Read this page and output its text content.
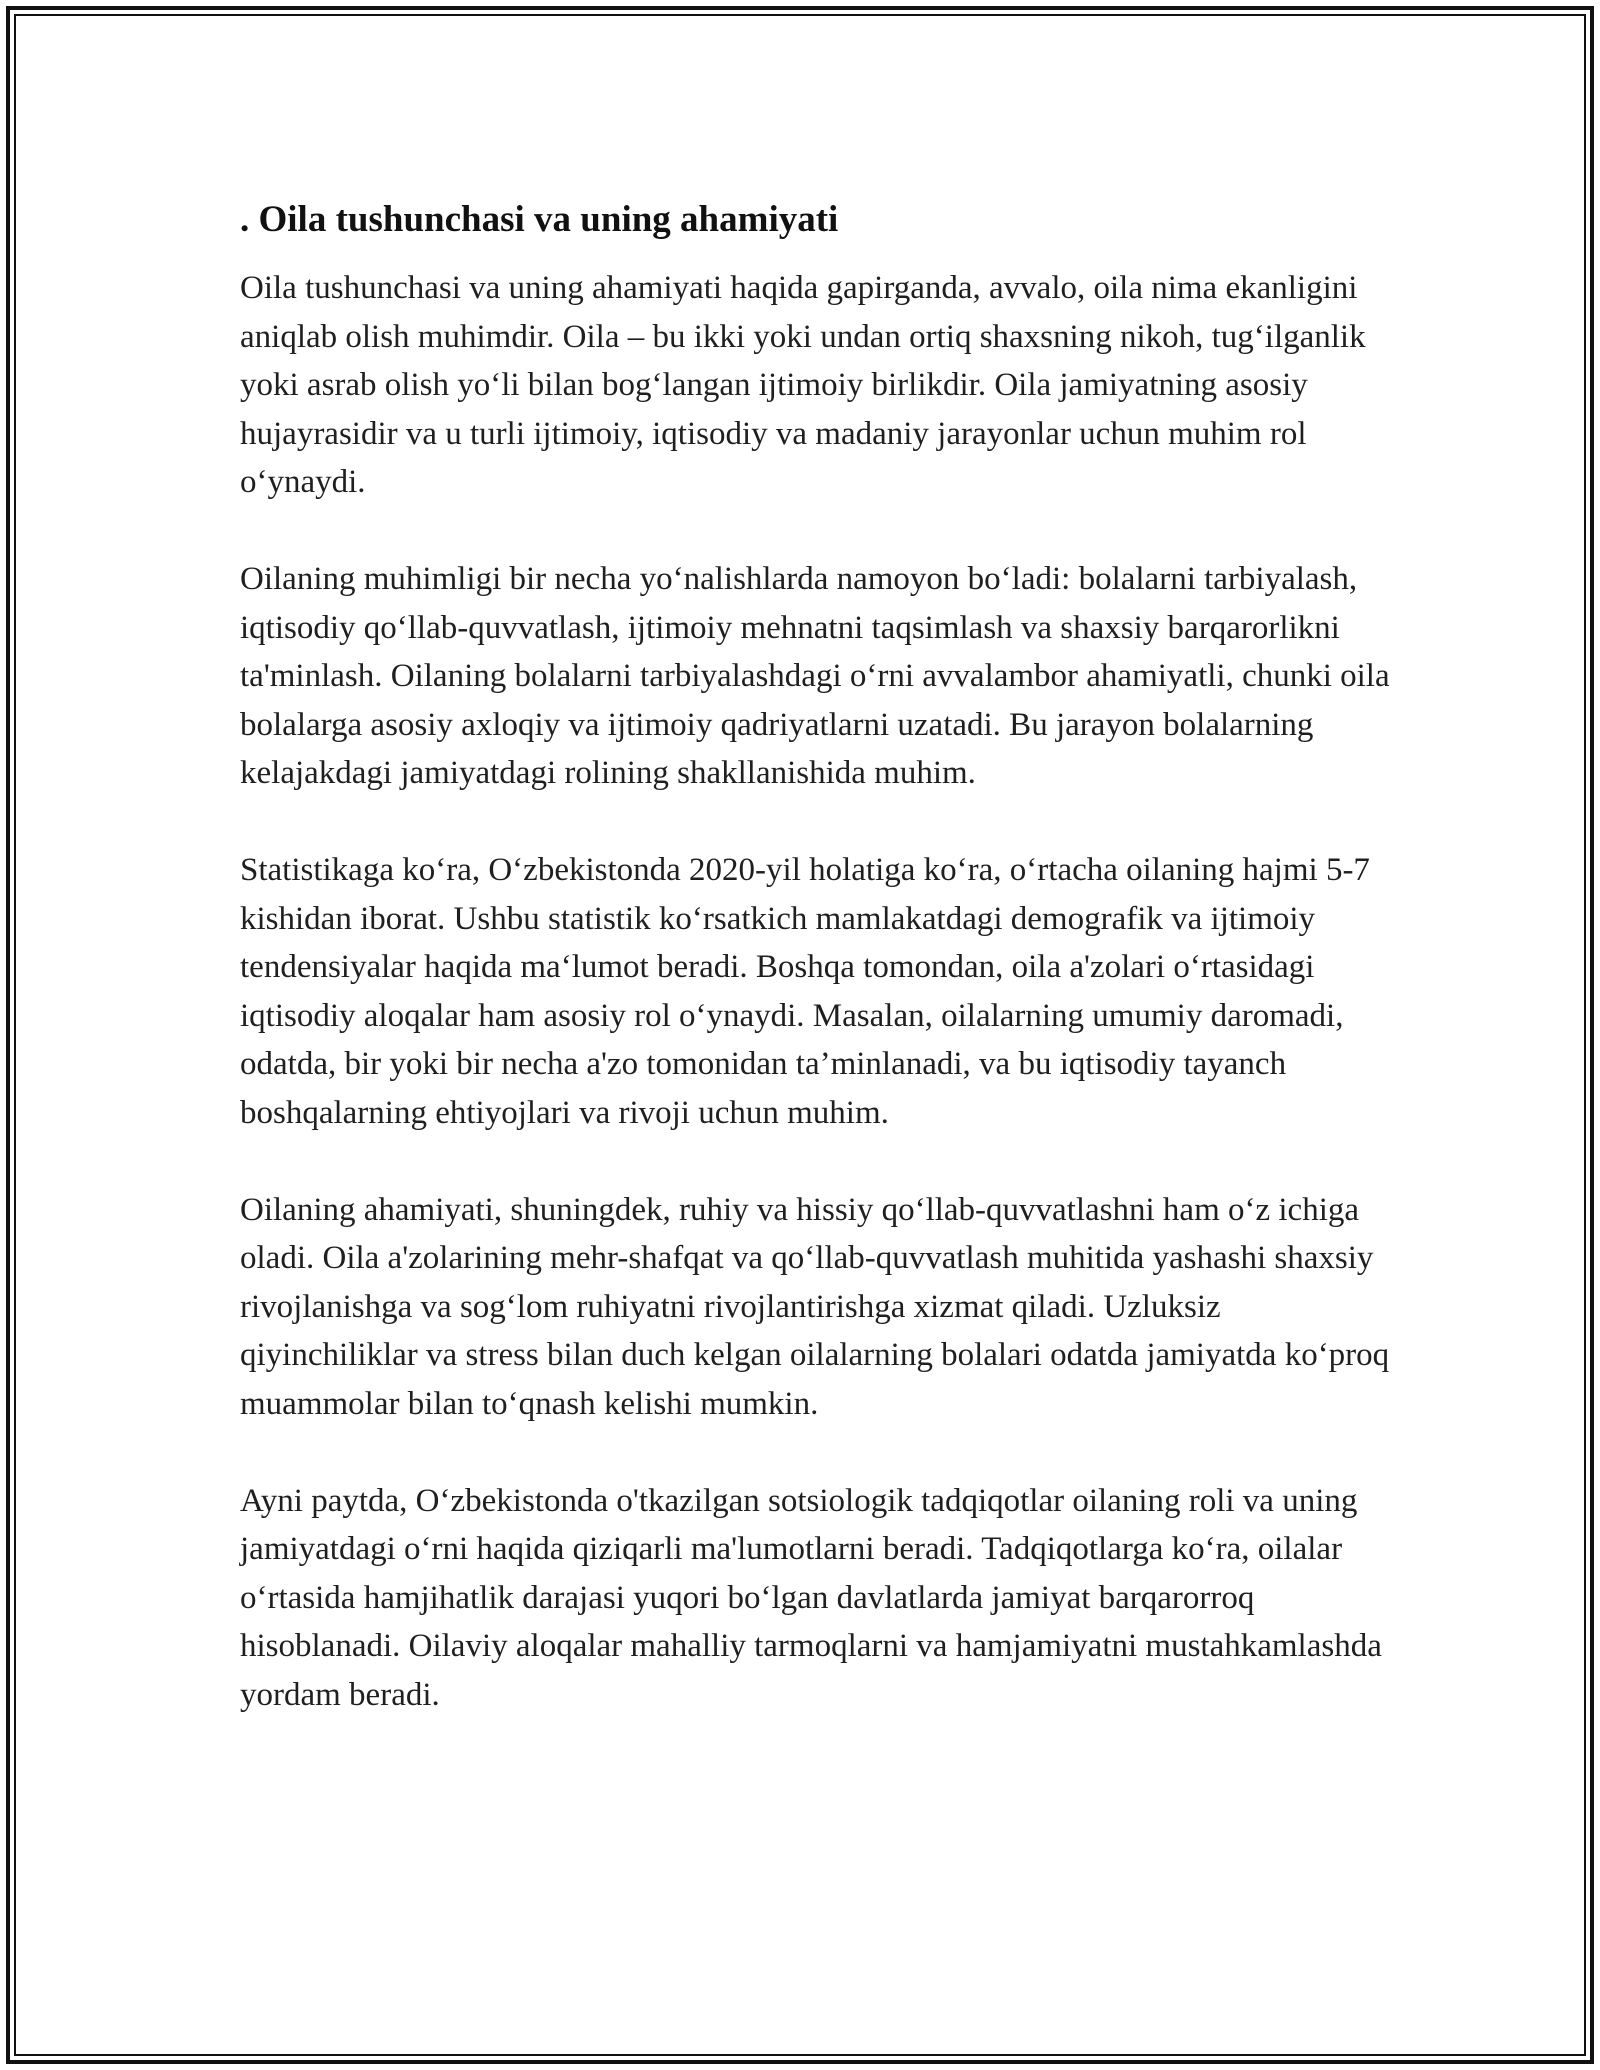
. Oila tushunchasi va uning ahamiyati

Oila tushunchasi va uning ahamiyati haqida gapirganda, avvalo, oila nima ekanligini aniqlab olish muhimdir. Oila – bu ikki yoki undan ortiq shaxsning nikoh, tug‘ilganlik yoki asrab olish yo‘li bilan bog‘langan ijtimoiy birlikdir. Oila jamiyatning asosiy hujayrasidir va u turli ijtimoiy, iqtisodiy va madaniy jarayonlar uchun muhim rol o‘ynaydi.

Oilaning muhimligi bir necha yo‘nalishlarda namoyon bo‘ladi: bolalarni tarbiyalash, iqtisodiy qo‘llab-quvvatlash, ijtimoiy mehnatni taqsimlash va shaxsiy barqarorlikni ta'minlash. Oilaning bolalarni tarbiyalashdagi o‘rni avvalambor ahamiyatli, chunki oila bolalarga asosiy axloqiy va ijtimoiy qadriyatlarni uzatadi. Bu jarayon bolalarning kelajakdagi jamiyatdagi rolining shakllanishida muhim.

Statistikaga ko‘ra, O‘zbekistonda 2020-yil holatiga ko‘ra, o‘rtacha oilaning hajmi 5-7 kishidan iborat. Ushbu statistik ko‘rsatkich mamlakatdagi demografik va ijtimoiy tendensiyalar haqida ma‘lumot beradi. Boshqa tomondan, oila a'zolari o‘rtasidagi iqtisodiy aloqalar ham asosiy rol o‘ynaydi. Masalan, oilalarning umumiy daromadi, odatda, bir yoki bir necha a'zo tomonidan ta’minlanadi, va bu iqtisodiy tayanch boshqalarning ehtiyojlari va rivoji uchun muhim.

Oilaning ahamiyati, shuningdek, ruhiy va hissiy qo‘llab-quvvatlashni ham o‘z ichiga oladi. Oila a'zolarining mehr-shafqat va qo‘llab-quvvatlash muhitida yashashi shaxsiy rivojlanishga va sog‘lom ruhiyatni rivojlantirishga xizmat qiladi. Uzluksiz qiyinchiliklar va stress bilan duch kelgan oilalarning bolalari odatda jamiyatda ko‘proq muammolar bilan to‘qnash kelishi mumkin.

Ayni paytda, O‘zbekistonda o'tkazilgan sotsiologik tadqiqotlar oilaning roli va uning jamiyatdagi o‘rni haqida qiziqarli ma'lumotlarni beradi. Tadqiqotlarga ko‘ra, oilalar o‘rtasida hamjihatlik darajasi yuqori bo‘lgan davlatlarda jamiyat barqarorroq hisoblanadi. Oilaviy aloqalar mahalliy tarmoqlarni va hamjamiyatni mustahkamlashda yordam beradi.
